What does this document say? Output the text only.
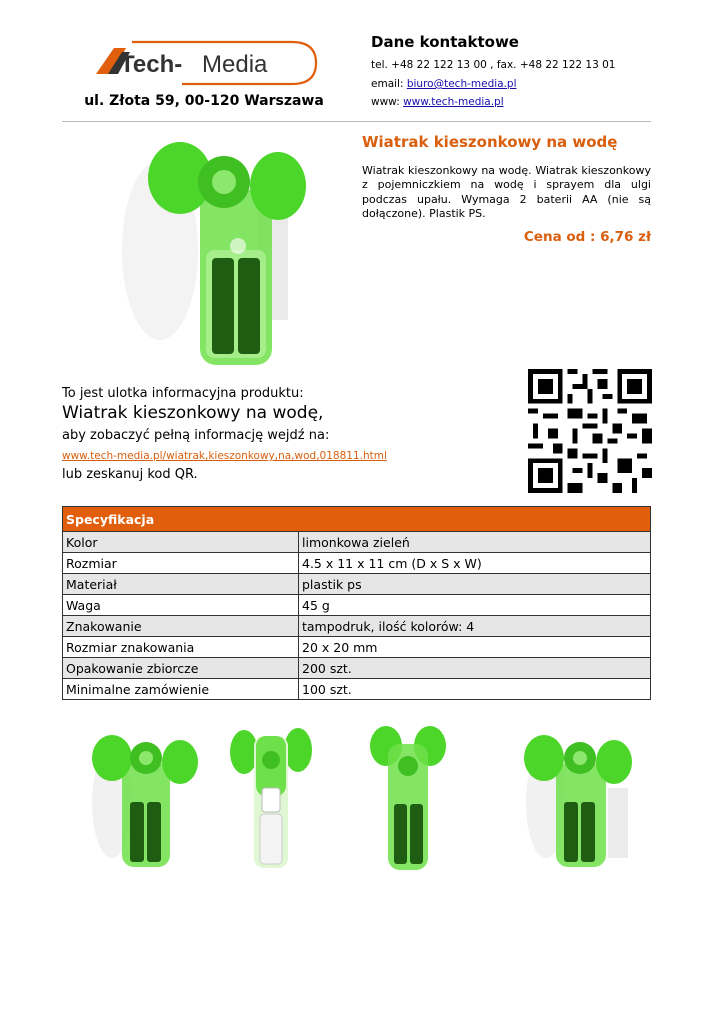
Tech- Media
ul. Złota 59, 00-120 Warszawa
Dane kontaktowe
tel. +48 22 122 13 00 , fax. +48 22 122 13 01
email: biuro@tech-media.pl
www: www.tech-media.pl
Wiatrak kieszonkowy na wodę
Wiatrak kieszonkowy na wodę. Wiatrak kieszonkowy z pojemniczkiem na wodę i sprayem dla ulgi podczas upału. Wymaga 2 baterii AA (nie są dołączone). Plastik PS.
Cena od : 6,76 zł
To jest ulotka informacyjna produktu:
Wiatrak kieszonkowy na wodę,
aby zobaczyć pełną informację wejdź na:
www.tech-media.pl/wiatrak,kieszonkowy,na,wod,018811.html
lub zeskanuj kod QR.
Specyfikacja	
Kolor	limonkowa zieleń
Rozmiar	4.5 x 11 x 11 cm (D x S x W)
Materiał	plastik ps
Waga	45 g
Znakowanie	tampodruk, ilość kolorów: 4
Rozmiar znakowania	20 x 20 mm
Opakowanie zbiorcze	200 szt.
Minimalne zamówienie	100 szt.
